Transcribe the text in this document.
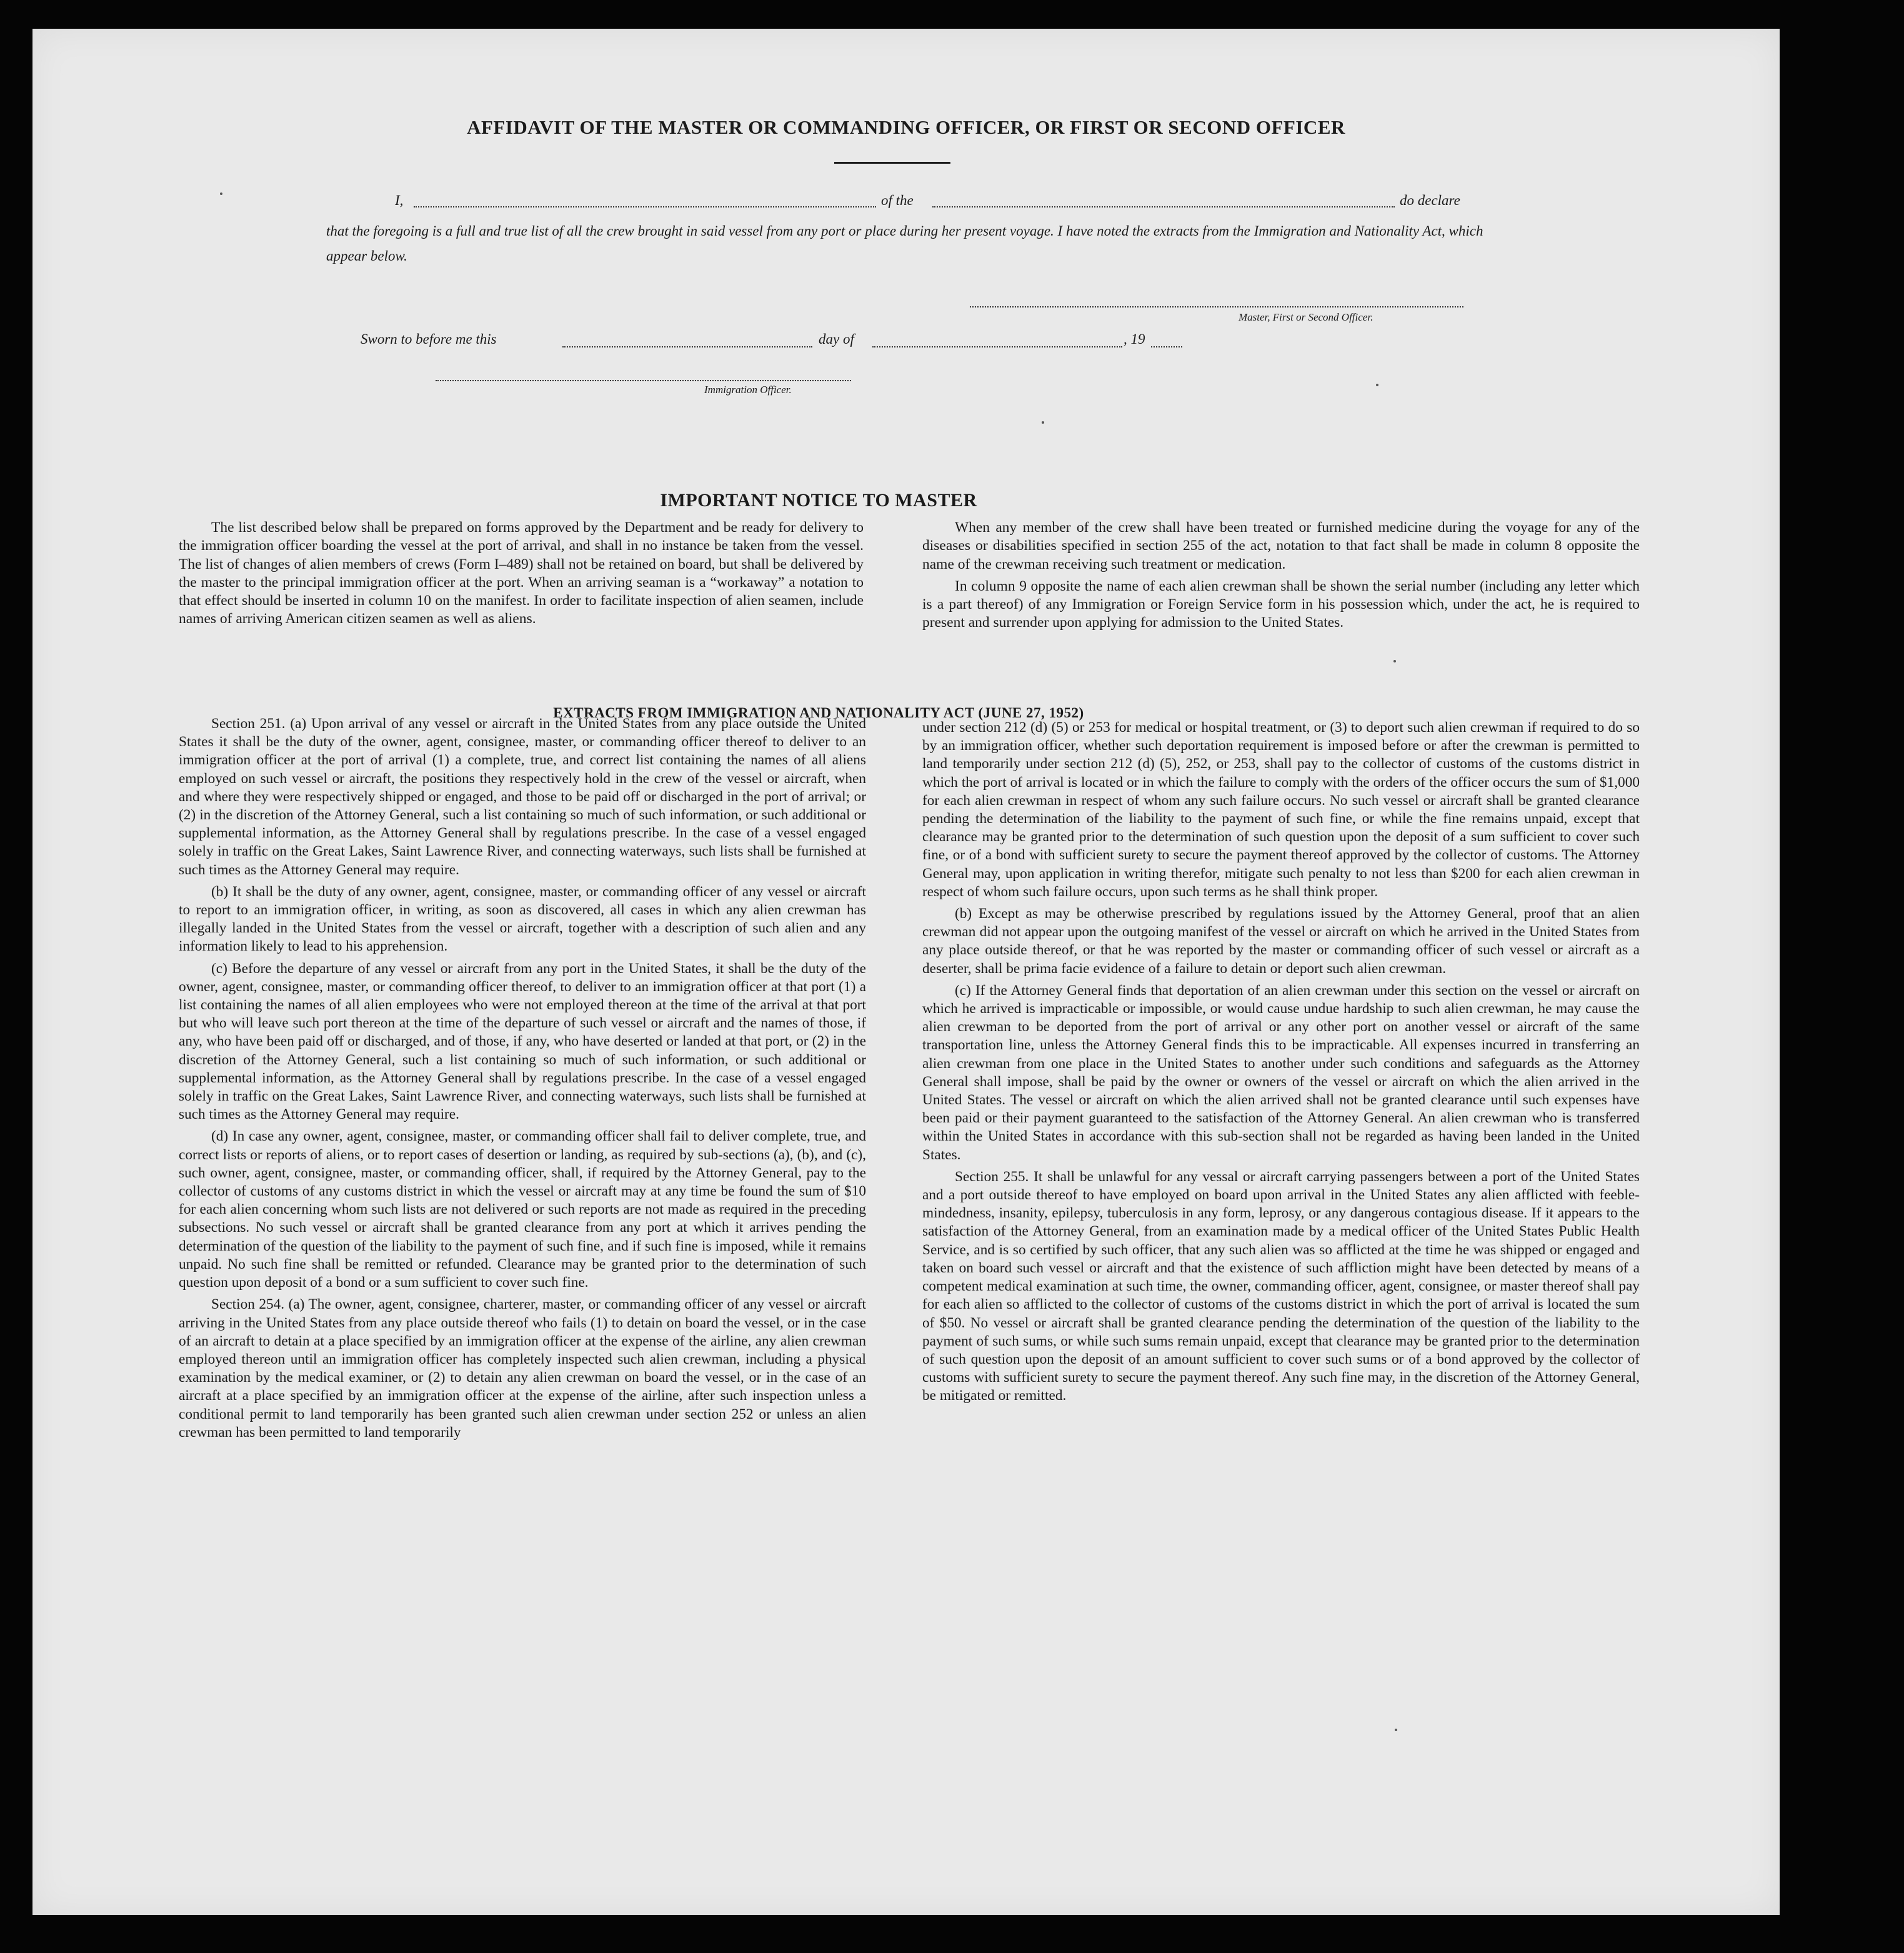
AFFIDAVIT OF THE MASTER OR COMMANDING OFFICER, OR FIRST OR SECOND OFFICER
I,	of the	do declare
that the foregoing is a full and true list of all the crew brought in said vessel from any port or place during her present voyage. I have noted the extracts from the Immigration and Nationality Act, which appear below.
Master, First or Second Officer.
Sworn to before me this	day of	, 19
Immigration Officer.
IMPORTANT NOTICE TO MASTER

The list described below shall be prepared on forms approved by the Department and be ready for delivery to the immigration officer boarding the vessel at the port of arrival, and shall in no instance be taken from the vessel. The list of changes of alien members of crews (Form I–489) shall not be retained on board, but shall be delivered by the master to the principal immigration officer at the port. When an arriving seaman is a “workaway” a notation to that effect should be inserted in column 10 on the manifest. In order to facilitate inspection of alien seamen, include names of arriving American citizen seamen as well as aliens.

When any member of the crew shall have been treated or furnished medicine during the voyage for any of the diseases or disabilities specified in section 255 of the act, notation to that fact shall be made in column 8 opposite the name of the crewman receiving such treatment or medication.

In column 9 opposite the name of each alien crewman shall be shown the serial number (including any letter which is a part thereof) of any Immigration or Foreign Service form in his possession which, under the act, he is required to present and surrender upon applying for admission to the United States.

EXTRACTS FROM IMMIGRATION AND NATIONALITY ACT (JUNE 27, 1952)

Section 251. (a) Upon arrival of any vessel or aircraft in the United States from any place outside the United States it shall be the duty of the owner, agent, consignee, master, or commanding officer thereof to deliver to an immigration officer at the port of arrival (1) a complete, true, and correct list containing the names of all aliens employed on such vessel or aircraft, the positions they respectively hold in the crew of the vessel or aircraft, when and where they were respectively shipped or engaged, and those to be paid off or discharged in the port of arrival; or (2) in the discretion of the Attorney General, such a list containing so much of such information, or such additional or supplemental information, as the Attorney General shall by regulations prescribe. In the case of a vessel engaged solely in traffic on the Great Lakes, Saint Lawrence River, and connecting waterways, such lists shall be furnished at such times as the Attorney General may require.

(b) It shall be the duty of any owner, agent, consignee, master, or commanding officer of any vessel or aircraft to report to an immigration officer, in writing, as soon as discovered, all cases in which any alien crewman has illegally landed in the United States from the vessel or aircraft, together with a description of such alien and any information likely to lead to his apprehension.

(c) Before the departure of any vessel or aircraft from any port in the United States, it shall be the duty of the owner, agent, consignee, master, or commanding officer thereof, to deliver to an immigration officer at that port (1) a list containing the names of all alien employees who were not employed thereon at the time of the arrival at that port but who will leave such port thereon at the time of the departure of such vessel or aircraft and the names of those, if any, who have been paid off or discharged, and of those, if any, who have deserted or landed at that port, or (2) in the discretion of the Attorney General, such a list containing so much of such information, or such additional or supplemental information, as the Attorney General shall by regulations prescribe. In the case of a vessel engaged solely in traffic on the Great Lakes, Saint Lawrence River, and connecting waterways, such lists shall be furnished at such times as the Attorney General may require.

(d) In case any owner, agent, consignee, master, or commanding officer shall fail to deliver complete, true, and correct lists or reports of aliens, or to report cases of desertion or landing, as required by sub-sections (a), (b), and (c), such owner, agent, consignee, master, or commanding officer, shall, if required by the Attorney General, pay to the collector of customs of any customs district in which the vessel or aircraft may at any time be found the sum of $10 for each alien concerning whom such lists are not delivered or such reports are not made as required in the preceding subsections. No such vessel or aircraft shall be granted clearance from any port at which it arrives pending the determination of the question of the liability to the payment of such fine, and if such fine is imposed, while it remains unpaid. No such fine shall be remitted or refunded. Clearance may be granted prior to the determination of such question upon deposit of a bond or a sum sufficient to cover such fine.

Section 254. (a) The owner, agent, consignee, charterer, master, or commanding officer of any vessel or aircraft arriving in the United States from any place outside thereof who fails (1) to detain on board the vessel, or in the case of an aircraft to detain at a place specified by an immigration officer at the expense of the airline, any alien crewman employed thereon until an immigration officer has completely inspected such alien crewman, including a physical examination by the medical examiner, or (2) to detain any alien crewman on board the vessel, or in the case of an aircraft at a place specified by an immigration officer at the expense of the airline, after such inspection unless a conditional permit to land temporarily has been granted such alien crewman under section 252 or unless an alien crewman has been permitted to land temporarily

under section 212 (d) (5) or 253 for medical or hospital treatment, or (3) to deport such alien crewman if required to do so by an immigration officer, whether such deportation requirement is imposed before or after the crewman is permitted to land temporarily under section 212 (d) (5), 252, or 253, shall pay to the collector of customs of the customs district in which the port of arrival is located or in which the failure to comply with the orders of the officer occurs the sum of $1,000 for each alien crewman in respect of whom any such failure occurs. No such vessel or aircraft shall be granted clearance pending the determination of the liability to the payment of such fine, or while the fine remains unpaid, except that clearance may be granted prior to the determination of such question upon the deposit of a sum sufficient to cover such fine, or of a bond with sufficient surety to secure the payment thereof approved by the collector of customs. The Attorney General may, upon application in writing therefor, mitigate such penalty to not less than $200 for each alien crewman in respect of whom such failure occurs, upon such terms as he shall think proper.

(b) Except as may be otherwise prescribed by regulations issued by the Attorney General, proof that an alien crewman did not appear upon the outgoing manifest of the vessel or aircraft on which he arrived in the United States from any place outside thereof, or that he was reported by the master or commanding officer of such vessel or aircraft as a deserter, shall be prima facie evidence of a failure to detain or deport such alien crewman.

(c) If the Attorney General finds that deportation of an alien crewman under this section on the vessel or aircraft on which he arrived is impracticable or impossible, or would cause undue hardship to such alien crewman, he may cause the alien crewman to be deported from the port of arrival or any other port on another vessel or aircraft of the same transportation line, unless the Attorney General finds this to be impracticable. All expenses incurred in transferring an alien crewman from one place in the United States to another under such conditions and safeguards as the Attorney General shall impose, shall be paid by the owner or owners of the vessel or aircraft on which the alien arrived in the United States. The vessel or aircraft on which the alien arrived shall not be granted clearance until such expenses have been paid or their payment guaranteed to the satisfaction of the Attorney General. An alien crewman who is transferred within the United States in accordance with this sub-section shall not be regarded as having been landed in the United States.

Section 255. It shall be unlawful for any vessal or aircraft carrying passengers between a port of the United States and a port outside thereof to have employed on board upon arrival in the United States any alien afflicted with feeble-mindedness, insanity, epilepsy, tuberculosis in any form, leprosy, or any dangerous contagious disease. If it appears to the satisfaction of the Attorney General, from an examination made by a medical officer of the United States Public Health Service, and is so certified by such officer, that any such alien was so afflicted at the time he was shipped or engaged and taken on board such vessel or aircraft and that the existence of such affliction might have been detected by means of a competent medical examination at such time, the owner, commanding officer, agent, consignee, or master thereof shall pay for each alien so afflicted to the collector of customs of the customs district in which the port of arrival is located the sum of $50. No vessel or aircraft shall be granted clearance pending the determination of the question of the liability to the payment of such sums, or while such sums remain unpaid, except that clearance may be granted prior to the determination of such question upon the deposit of an amount sufficient to cover such sums or of a bond approved by the collector of customs with sufficient surety to secure the payment thereof. Any such fine may, in the discretion of the Attorney General, be mitigated or remitted.
